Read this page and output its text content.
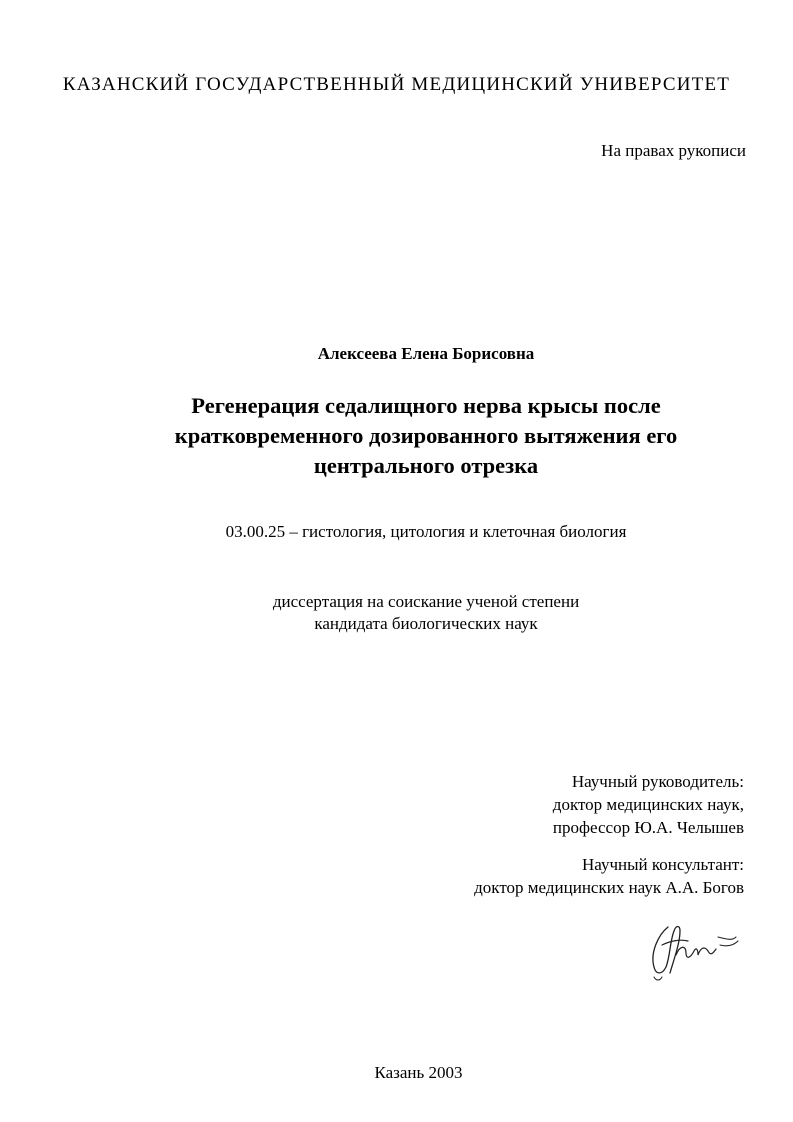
КАЗАНСКИЙ ГОСУДАРСТВЕННЫЙ МЕДИЦИНСКИЙ УНИВЕРСИТЕТ
На правах рукописи
Алексеева Елена Борисовна
Регенерация седалищного нерва крысы после
кратковременного дозированного вытяжения его
центрального отрезка
03.00.25 – гистология, цитология и клеточная биология
диссертация на соискание ученой степени
кандидата биологических наук
Научный руководитель:
доктор медицинских наук,
профессор Ю.А. Челышев
Научный консультант:
доктор медицинских наук А.А. Богов
Казань 2003
